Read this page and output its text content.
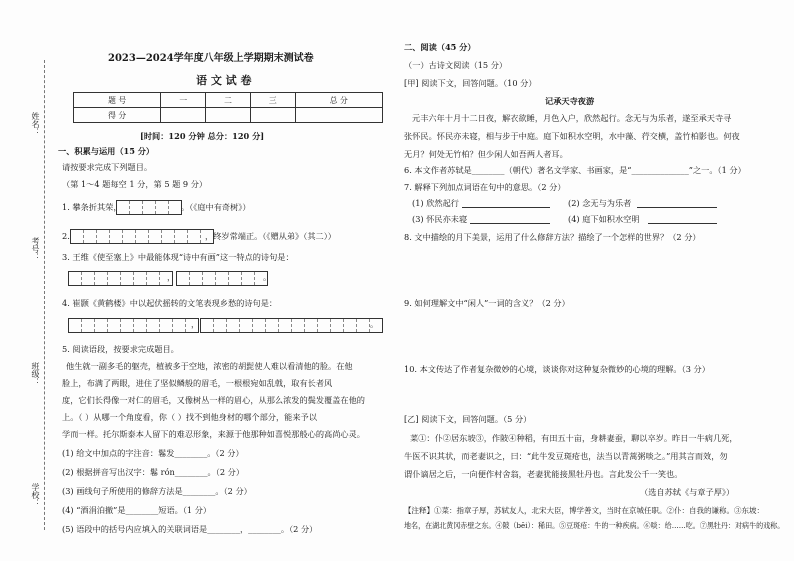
姓名：
考号：
班级：
学校：
2023—2024学年度八年级上学期期末测试卷
语 文 试 卷
题 号	一	二	三	总 分
得 分				
[时间：120 分钟 总分：120 分]
一、积累与运用（15 分）
请按要求完成下列题目。
（第 1～4 题每空 1 分，第 5 题 9 分）
1. 攀条折其荣，	。（《庭中有奇树》）
2.	，终岁常端正。（《赠从弟》（其二））
3. 王维《使至塞上》中最能体现“诗中有画”这一特点的诗句是：
，	。
4. 崔颢《黄鹤楼》中以起伏摇转的文笔表现乡愁的诗句是：
，	。
5. 阅读语段，按要求完成题目。
他生就一副多毛的躯壳，植被多于空地，浓密的胡髭使人难以看清他的脸。在他
脸上，布满了两眼，进住了坚似鳞般的眉毛，一根根宛如乱戟，取有长者风
度，它们长得像一对仁的眉毛，又像树丛一样的眉心，从那么浓发的鬓发覆盖在他的
上。（ ）从哪一个角度看，你（ ）找不到他身材的哪个部分，能来予以
学而一样。托尔斯泰本人留下的难忍形象，来源于他那种如喜悦那般心的高尚心灵。
(1) 给文中加点的字注音：鬈发________。（2 分）
(2) 根据拼音写出汉字：鬈 rón________。（2 分）
(3) 画线句子所使用的修辞方法是________。（2 分）
(4) “酒涓泊撤”是________短语。（1 分）
(5) 语段中的括号内应填入的关联词语是________，________。（2 分）
二、阅读（45 分）
（一）古诗文阅读（15 分）
[甲] 阅读下文，回答问题。（10 分）
记承天寺夜游
元丰六年十月十二日夜，解衣欲睡，月色入户，欣然起行。念无与为乐者，遂至承天寺寻
张怀民。怀民亦未寝，相与步于中庭。庭下如积水空明，水中藻、荇交横，盖竹柏影也。何夜
无月？何处无竹柏？但少闲人如吾两人者耳。
6. 本文作者苏轼是________（朝代）著名文学家、书画家，是“______________”之一。（1 分）
7. 解释下列加点词语在句中的意思。（2 分）
(1) 欣然起行	(2) 念无与为乐者
(3) 怀民亦未寝	(4) 庭下如积水空明
8. 文中描绘的月下美景，运用了什么修辞方法？描绘了一个怎样的世界？（2 分）
9. 如何理解文中“闲人”一词的含义？（2 分）
10. 本文传达了作者复杂微妙的心境，谈谈你对这种复杂微妙的心境的理解。（3 分）
[乙] 阅读下文，回答问题。（5 分）
菜①：仆②居东坡③，作陂④种稻，有田五十亩，身耕妻蚕，聊以卒岁。昨日一牛病几死，
牛医不识其状，而老妻识之，曰：“此牛发豆斑疮也，法当以青蒿粥啖之。”用其言而效，勿
谓仆谪居之后，一向便作村舍翁，老妻犹能接黑牡丹也。言此发公千一笑也。
（选自苏轼《与章子厚》）
【注释】①菜：指章子厚，苏轼友人，北宋大臣，博学善文，当时在京城任职。②仆：自我的谦称。③东坡：
地名，在湖北黄冈赤壁之东。④陂（bēi）：稀田。⑤豆斑疮：牛的一种疾病。⑥啖：给……吃。⑦黑牡丹：对病牛的戏称。
